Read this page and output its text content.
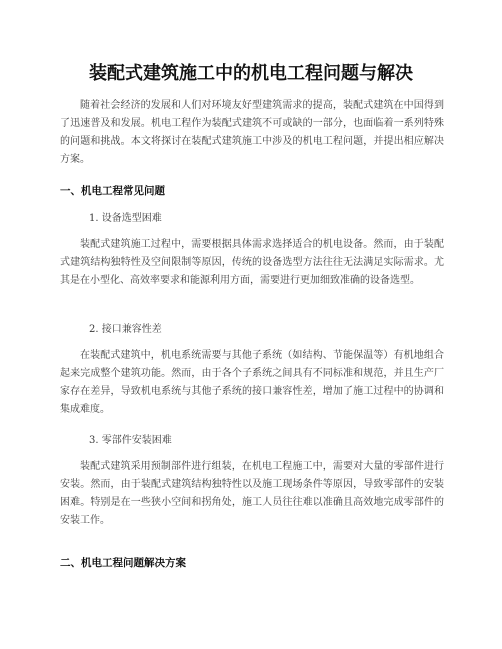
装配式建筑施工中的机电工程问题与解决

随着社会经济的发展和人们对环境友好型建筑需求的提高，装配式建筑在中国得到了迅速普及和发展。机电工程作为装配式建筑不可或缺的一部分，也面临着一系列特殊的问题和挑战。本文将探讨在装配式建筑施工中涉及的机电工程问题，并提出相应解决方案。

一、机电工程常见问题
1. 设备选型困难

装配式建筑施工过程中，需要根据具体需求选择适合的机电设备。然而，由于装配式建筑结构独特性及空间限制等原因，传统的设备选型方法往往无法满足实际需求。尤其是在小型化、高效率要求和能源利用方面，需要进行更加细致准确的设备选型。

2. 接口兼容性差

在装配式建筑中，机电系统需要与其他子系统（如结构、节能保温等）有机地组合起来完成整个建筑功能。然而，由于各个子系统之间具有不同标准和规范，并且生产厂家存在差异，导致机电系统与其他子系统的接口兼容性差，增加了施工过程中的协调和集成难度。

3. 零部件安装困难

装配式建筑采用预制部件进行组装，在机电工程施工中，需要对大量的零部件进行安装。然而，由于装配式建筑结构独特性以及施工现场条件等原因，导致零部件的安装困难。特别是在一些狭小空间和拐角处，施工人员往往难以准确且高效地完成零部件的安装工作。

二、机电工程问题解决方案
